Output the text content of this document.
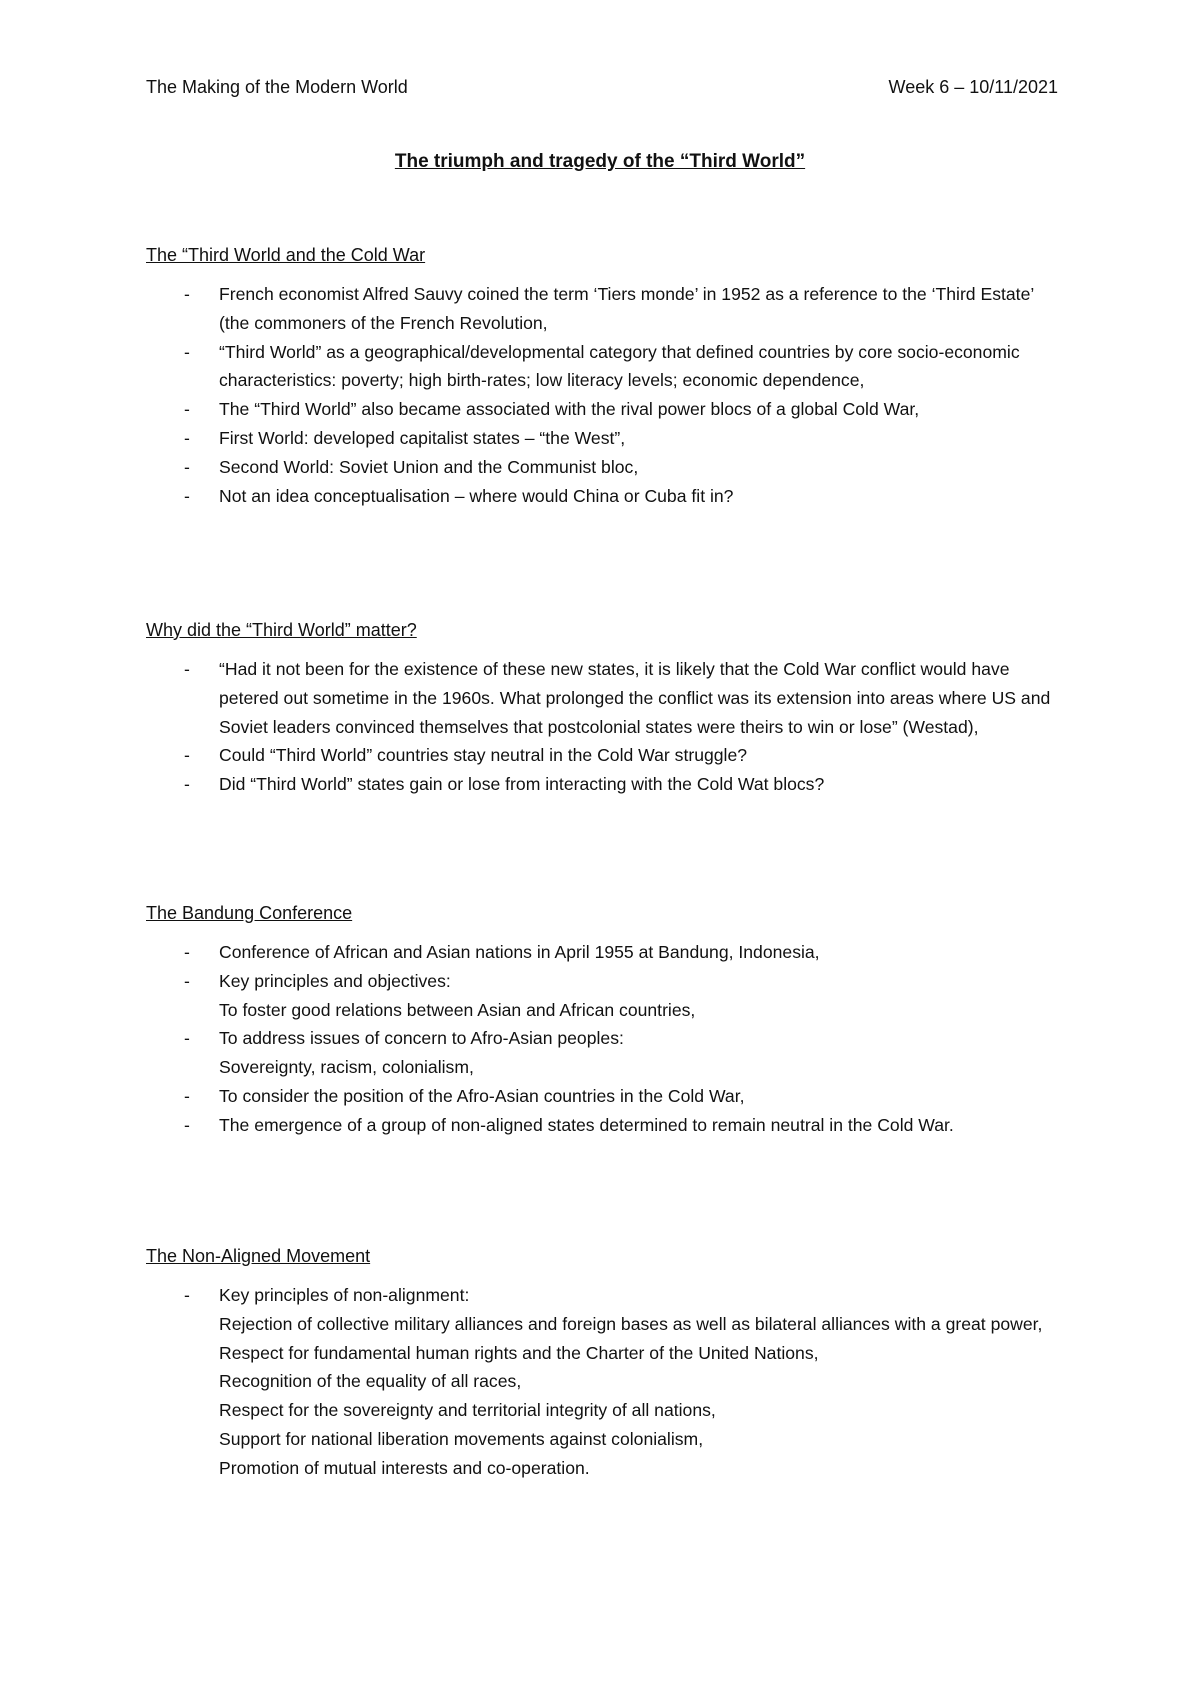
The Making of the Modern World	Week 6 – 10/11/2021
The triumph and tragedy of the “Third World”
The “Third World and the Cold War
- French economist Alfred Sauvy coined the term ‘Tiers monde’ in 1952 as a reference to the ‘Third Estate’ (the commoners of the French Revolution,
- “Third World” as a geographical/developmental category that defined countries by core socio-economic characteristics: poverty; high birth-rates; low literacy levels; economic dependence,
- The “Third World” also became associated with the rival power blocs of a global Cold War,
- First World: developed capitalist states – “the West”,
- Second World: Soviet Union and the Communist bloc,
- Not an idea conceptualisation – where would China or Cuba fit in?
Why did the “Third World” matter?
- “Had it not been for the existence of these new states, it is likely that the Cold War conflict would have petered out sometime in the 1960s. What prolonged the conflict was its extension into areas where US and Soviet leaders convinced themselves that postcolonial states were theirs to win or lose” (Westad),
- Could “Third World” countries stay neutral in the Cold War struggle?
- Did “Third World” states gain or lose from interacting with the Cold Wat blocs?
The Bandung Conference
- Conference of African and Asian nations in April 1955 at Bandung, Indonesia,
- Key principles and objectives:
To foster good relations between Asian and African countries,
- To address issues of concern to Afro-Asian peoples:
Sovereignty, racism, colonialism,
- To consider the position of the Afro-Asian countries in the Cold War,
- The emergence of a group of non-aligned states determined to remain neutral in the Cold War.
The Non-Aligned Movement
- Key principles of non-alignment:
Rejection of collective military alliances and foreign bases as well as bilateral alliances with a great power,
Respect for fundamental human rights and the Charter of the United Nations,
Recognition of the equality of all races,
Respect for the sovereignty and territorial integrity of all nations,
Support for national liberation movements against colonialism,
Promotion of mutual interests and co-operation.
